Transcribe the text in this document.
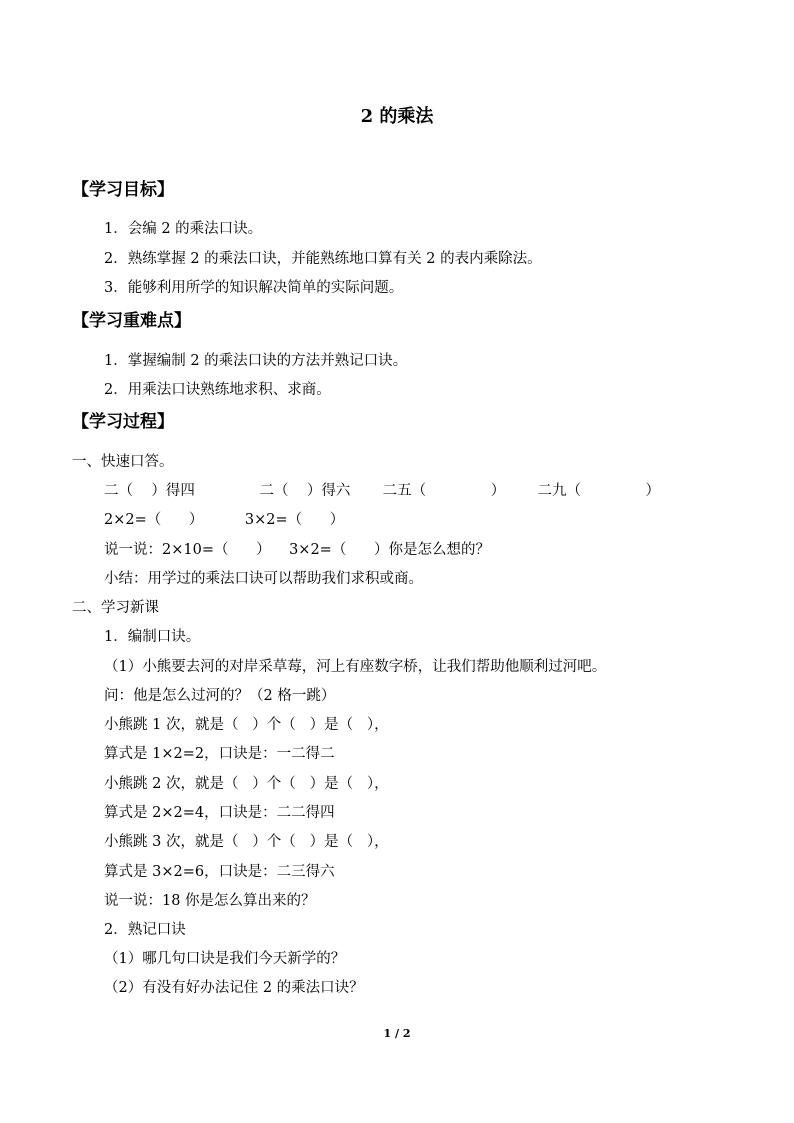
2 的乘法
【学习目标】
1．会编 2 的乘法口诀。
2．熟练掌握 2 的乘法口诀，并能熟练地口算有关 2 的表内乘除法。
3．能够利用所学的知识解决简单的实际问题。
【学习重难点】
1．掌握编制 2 的乘法口诀的方法并熟记口诀。
2．用乘法口诀熟练地求积、求商。
【学习过程】
一、快速口答。
二（    ）得四              二（    ）得六       二五（              ）       二九（              ）
2×2=（      ）         3×2=（      ）
说一说：2×10=（      ）    3×2=（      ）你是怎么想的？
小结：用学过的乘法口诀可以帮助我们求积或商。
二、学习新课
1．编制口诀。
（1）小熊要去河的对岸采草莓，河上有座数字桥，让我们帮助他顺利过河吧。
问：他是怎么过河的？（2 格一跳）
小熊跳 1 次，就是（   ）个（   ）是（   ），
算式是 1×2=2，口诀是：一二得二
小熊跳 2 次，就是（   ）个（   ）是（   ），
算式是 2×2=4，口诀是：二二得四
小熊跳 3 次，就是（   ）个（   ）是（   ），
算式是 3×2=6，口诀是：二三得六
说一说：18 你是怎么算出来的？
2．熟记口诀
（1）哪几句口诀是我们今天新学的？
（2）有没有好办法记住 2 的乘法口诀？
1 / 2
